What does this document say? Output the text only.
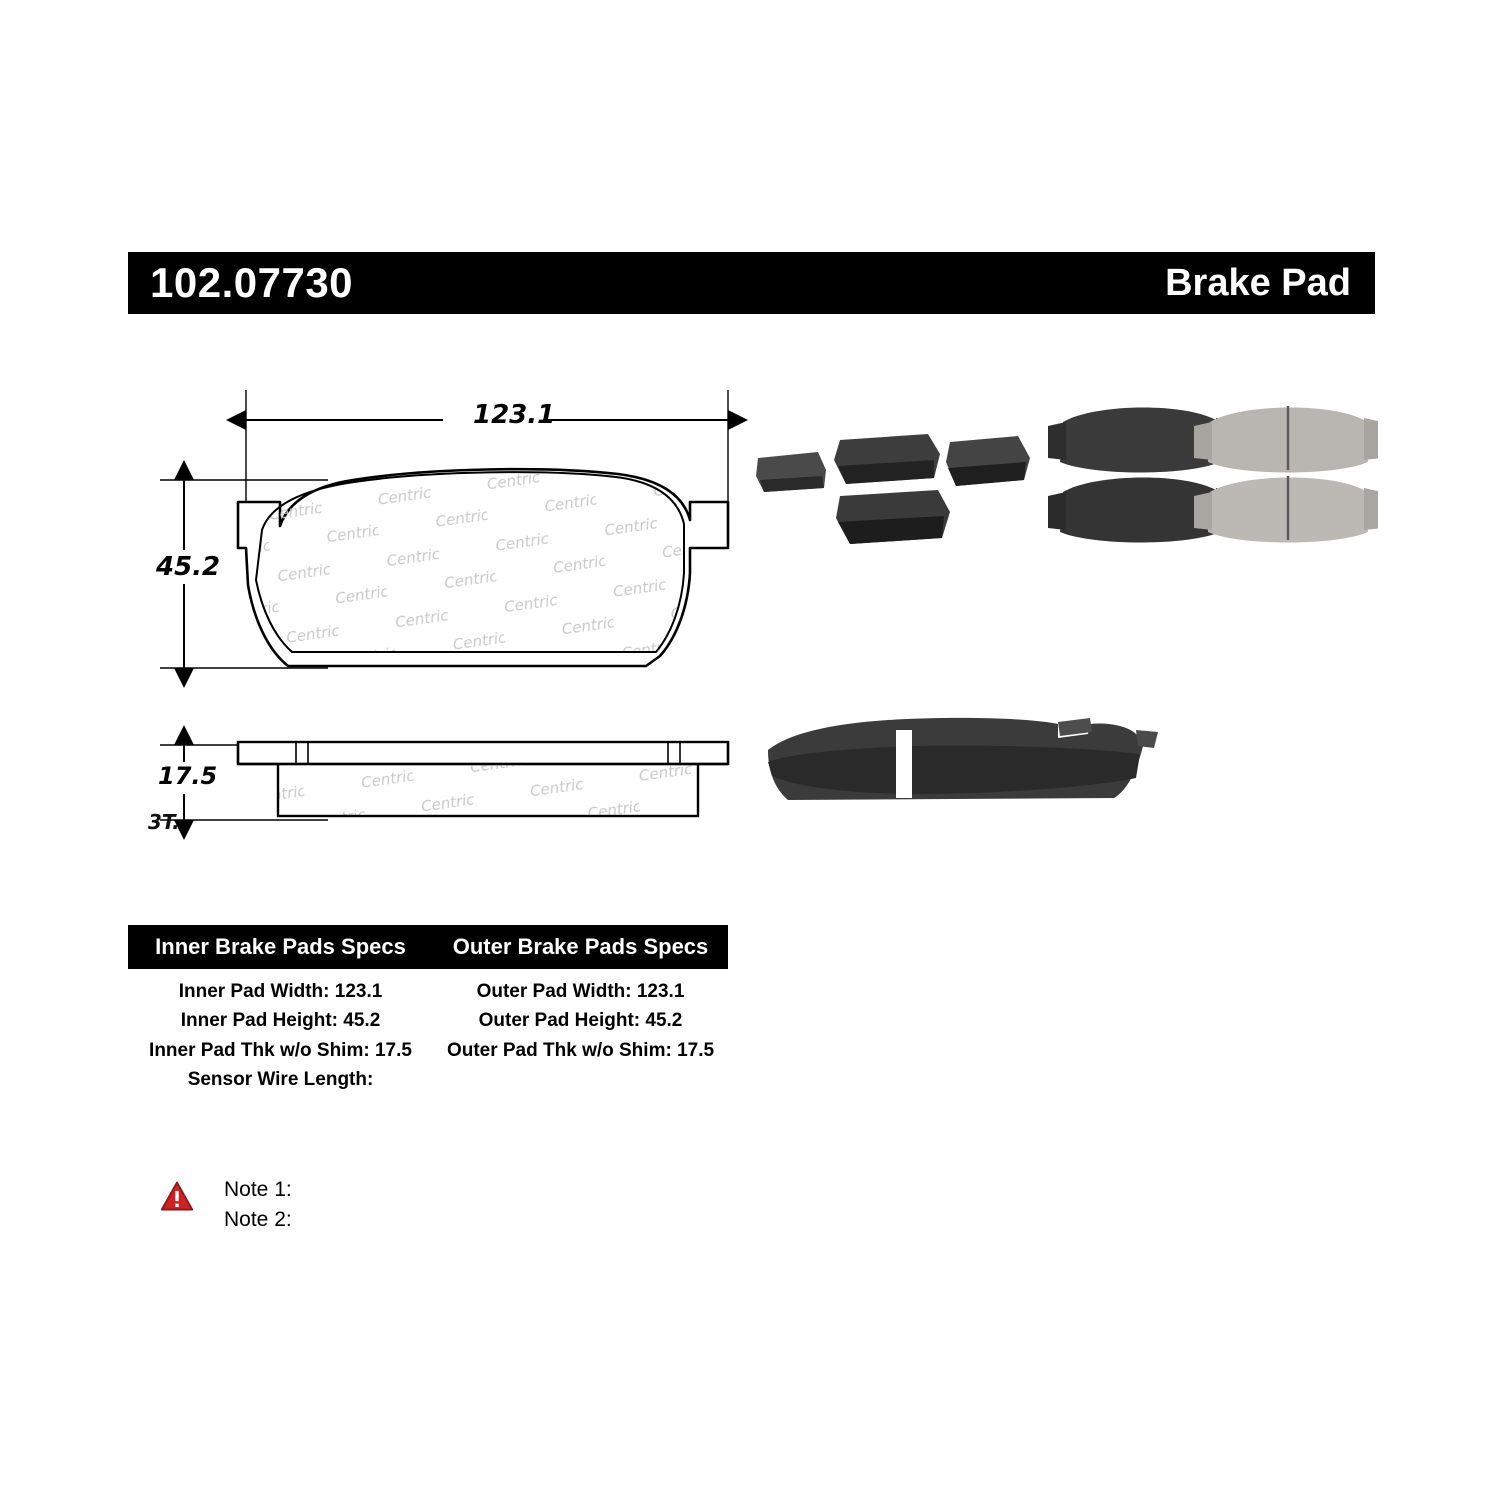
102.07730	Brake Pad
123.1
45.2
17.5
3T.
Inner Brake Pads Specs	Outer Brake Pads Specs
Inner Pad Width: 123.1
Inner Pad Height: 45.2
Inner Pad Thk w/o Shim: 17.5
Sensor Wire Length:
Outer Pad Width: 123.1
Outer Pad Height: 45.2
Outer Pad Thk w/o Shim: 17.5
Note 1:
Note 2:
